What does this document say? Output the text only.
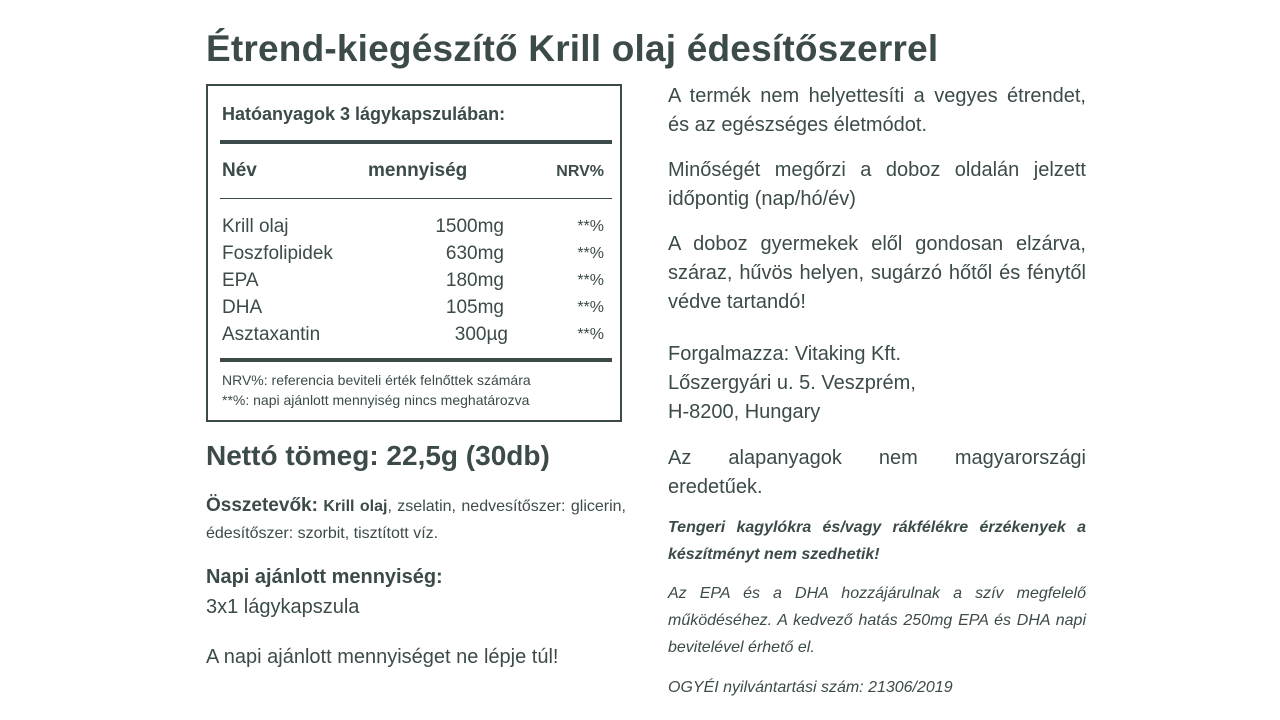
Étrend-kiegészítő Krill olaj édesítőszerrel
Hatóanyagok 3 lágykapszulában:
Név	mennyiség	NRV%
Krill olaj	1500mg	**%
Foszfolipidek	630mg	**%
EPA	180mg	**%
DHA	105mg	**%
Asztaxantin	300µg	**%
NRV%: referencia beviteli érték felnőttek számára
**%: napi ajánlott mennyiség nincs meghatározva
Nettó tömeg: 22,5g (30db)
Összetevők: Krill olaj, zselatin, nedvesítőszer: glicerin, édesítőszer: szorbit, tisztított víz.
Napi ajánlott mennyiség:
3x1 lágykapszula
A napi ajánlott mennyiséget ne lépje túl!

A termék nem helyettesíti a vegyes étrendet, és az egészséges életmódot.

Minőségét megőrzi a doboz oldalán jelzett időpontig (nap/hó/év)

A doboz gyermekek elől gondosan elzárva, száraz, hűvös helyen, sugárzó hőtől és fénytől védve tartandó!

Forgalmazza: Vitaking Kft.
Lőszergyári u. 5. Veszprém,
H-8200, Hungary

Az alapanyagok nem magyarországi eredetűek.

Tengeri kagylókra és/vagy rákfélékre érzékenyek a készítményt nem szedhetik!

Az EPA és a DHA hozzájárulnak a szív megfelelő működéséhez. A kedvező hatás 250mg EPA és DHA napi bevitelével érhető el.

OGYÉI nyilvántartási szám: 21306/2019
